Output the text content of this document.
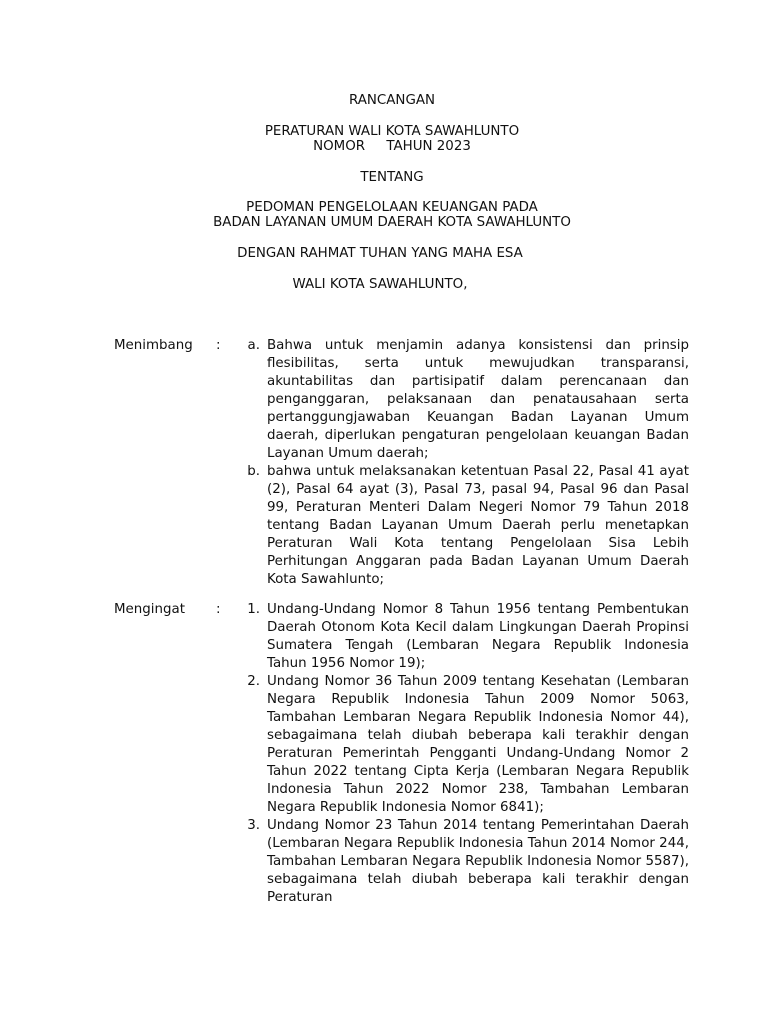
RANCANGAN
PERATURAN WALI KOTA SAWAHLUNTO
NOMOR     TAHUN 2023
TENTANG
PEDOMAN PENGELOLAAN KEUANGAN PADA
BADAN LAYANAN UMUM DAERAH KOTA SAWAHLUNTO
DENGAN RAHMAT TUHAN YANG MAHA ESA
WALI KOTA SAWAHLUNTO,
Menimbang :	a. Bahwa untuk menjamin adanya konsistensi dan prinsip flesibilitas, serta untuk mewujudkan transparansi, akuntabilitas dan partisipatif dalam perencanaan dan penganggaran, pelaksanaan dan penatausahaan serta pertanggungjawaban Keuangan Badan Layanan Umum daerah, diperlukan pengaturan pengelolaan keuangan Badan Layanan Umum daerah;
b. bahwa untuk melaksanakan ketentuan Pasal 22, Pasal 41 ayat (2), Pasal 64 ayat (3), Pasal 73, pasal 94, Pasal 96 dan Pasal 99, Peraturan Menteri Dalam Negeri Nomor 79 Tahun 2018 tentang Badan Layanan Umum Daerah perlu menetapkan Peraturan Wali Kota tentang Pengelolaan Sisa Lebih Perhitungan Anggaran pada Badan Layanan Umum Daerah Kota Sawahlunto;
Mengingat :	1. Undang-Undang Nomor 8 Tahun 1956 tentang Pembentukan Daerah Otonom Kota Kecil dalam Lingkungan Daerah Propinsi Sumatera Tengah (Lembaran Negara Republik Indonesia Tahun 1956 Nomor 19);
2. Undang Nomor 36 Tahun 2009 tentang Kesehatan (Lembaran Negara Republik Indonesia Tahun 2009 Nomor 5063, Tambahan Lembaran Negara Republik Indonesia Nomor 44), sebagaimana telah diubah beberapa kali terakhir dengan Peraturan Pemerintah Pengganti Undang-Undang Nomor 2 Tahun 2022 tentang Cipta Kerja (Lembaran Negara Republik Indonesia Tahun 2022 Nomor 238, Tambahan Lembaran Negara Republik Indonesia Nomor 6841);
3. Undang Nomor 23 Tahun 2014 tentang Pemerintahan Daerah (Lembaran Negara Republik Indonesia Tahun 2014 Nomor 244, Tambahan Lembaran Negara Republik Indonesia Nomor 5587), sebagaimana telah diubah beberapa kali terakhir dengan Peraturan
